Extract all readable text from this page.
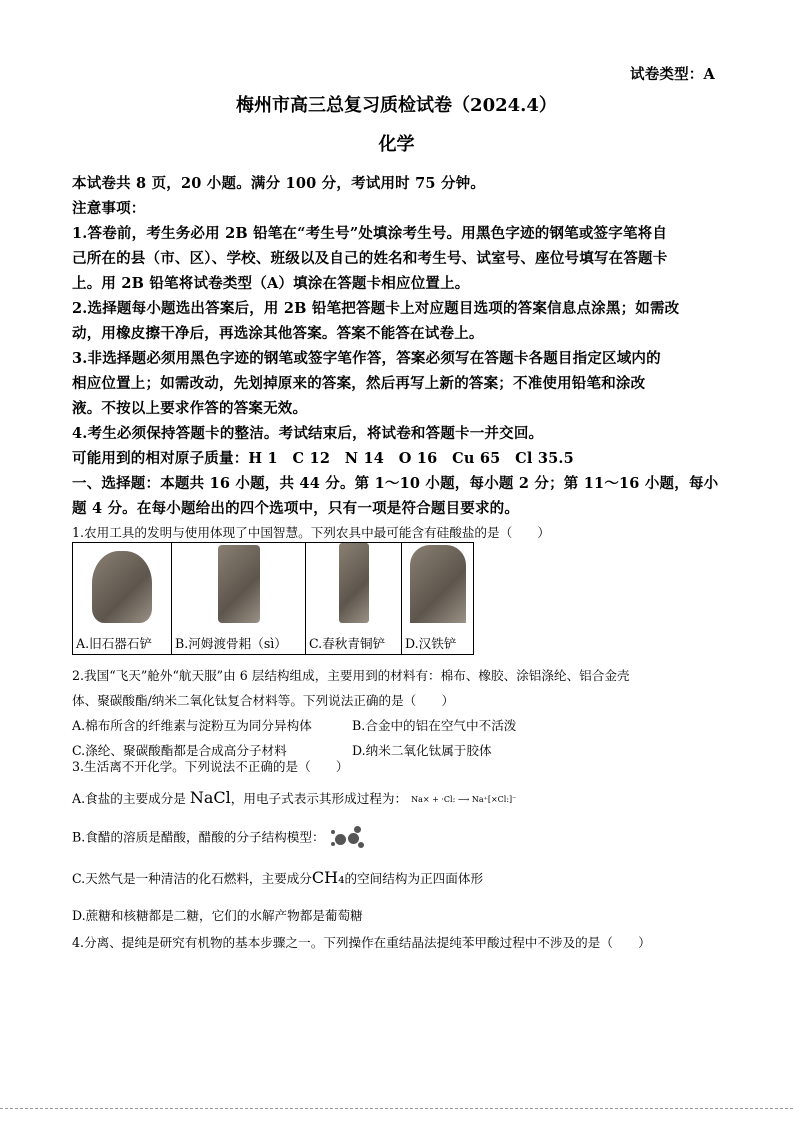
试卷类型：A
梅州市高三总复习质检试卷（2024.4）
化学
本试卷共 8 页，20 小题。满分 100 分，考试用时 75 分钟。
注意事项：
1.答卷前，考生务必用 2B 铅笔在“考生号”处填涂考生号。用黑色字迹的钢笔或签字笔将自
己所在的县（市、区）、学校、班级以及自己的姓名和考生号、试室号、座位号填写在答题卡
上。用 2B 铅笔将试卷类型（A）填涂在答题卡相应位置上。
2.选择题每小题选出答案后，用 2B 铅笔把答题卡上对应题目选项的答案信息点涂黑；如需改
动，用橡皮擦干净后，再选涂其他答案。答案不能答在试卷上。
3.非选择题必须用黑色字迹的钢笔或签字笔作答，答案必须写在答题卡各题目指定区域内的
相应位置上；如需改动，先划掉原来的答案，然后再写上新的答案；不准使用铅笔和涂改
液。不按以上要求作答的答案无效。
4.考生必须保持答题卡的整洁。考试结束后，将试卷和答题卡一并交回。
可能用到的相对原子质量：H 1　C 12　N 14　O 16　Cu 65　Cl 35.5
一、选择题：本题共 16 小题，共 44 分。第 1～10 小题，每小题 2 分；第 11～16 小题，每小
题 4 分。在每小题给出的四个选项中，只有一项是符合题目要求的。
1.农用工具的发明与使用体现了中国智慧。下列农具中最可能含有硅酸盐的是（　　）
A.旧石器石铲	B.河姆渡骨耜（sì）	C.春秋青铜铲	D.汉铁铲
2.我国“飞天”舱外“航天服”由 6 层结构组成，主要用到的材料有：棉布、橡胶、涂铝涤纶、铝合金壳
体、聚碳酸酯/纳米二氧化钛复合材料等。下列说法正确的是（　　）
A.棉布所含的纤维素与淀粉互为同分异构体	B.合金中的铝在空气中不活泼
C.涤纶、聚碳酸酯都是合成高分子材料	D.纳米二氧化钛属于胶体
3.生活离不开化学。下列说法不正确的是（　　）
A.食盐的主要成分是 NaCl，用电子式表示其形成过程为： Na× + ·Cl: ⟶ Na⁺[×Cl:]⁻
B.食醋的溶质是醋酸，醋酸的分子结构模型：
C.天然气是一种清洁的化石燃料，主要成分CH₄的空间结构为正四面体形
D.蔗糖和核糖都是二糖，它们的水解产物都是葡萄糖
4.分离、提纯是研究有机物的基本步骤之一。下列操作在重结晶法提纯苯甲酸过程中不涉及的是（　　）
